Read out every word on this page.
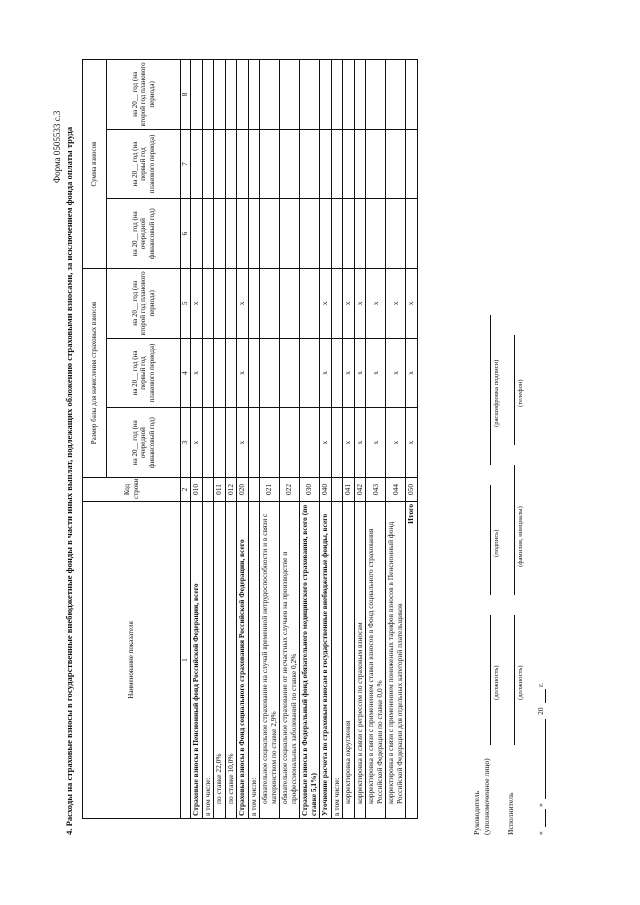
Форма 0505533 с.3 4. Расходы на страховые взносы в государственные внебюджетные фонды в части иных выплат, подлежащих обложению страховыми взносами, за исключением фонда оплаты труда	Наименование показателя	Код строки	Размер базы для начисления страховых взносов			Сумма взносов		
		на 20__ год (на очередной финансовый год)	на 20__ год (на первый год планового периода)	на 20__ год (на второй год планового периода)	на 20__ год (на очередной финансовый год)	на 20__ год (на первый год планового периода)	на 20__ год (на второй год планового периода)
1	2	3	4	5	6	7	8
Страховые взносы в Пенсионный фонд Российской Федерации, всего	010	x	x	x			
в том числе:							
по ставке 22,0%	011						
по ставке 10,0%	012						
Страховые взносы в Фонд социального страхования Российской Федерации, всего	020	x	x	x			
в том числе:							
обязательное социальное страхование на случай временной нетрудоспособности и в связи с материнством по ставке 2,9%	021						
обязательное социальное страхование от несчастных случаев на производстве и профессиональных заболеваний по ставке 0,2%	022						
Страховые взносы в Федеральный фонд обязательного медицинского страхования, всего (по ставке 5,1%)	030						
Уточнение расчета по страховым взносам в государственные внебюджетные фонды, всего	040	x	x	x			
в том числе:							
корректировка округления	041	x	x	x			
корректировка в связи с регрессом по страховым взносам	042	x	x	x			
корректировка в связи с применением ставки взносов в Фонд социального страхования Российской Федерации по ставке 0,0 %	043	x	x	x			
корректировка в связи с применением пониженных тарифов взносов в Пенсионный фонд Российской Федерации для отдельных категорий плательщиков	044	x	x	x			
Итого	050	x	x	x			
Руководитель (уполномоченное лицо)
(должность)
(подпись)
(расшифровка подписи)
Исполнитель
(должность)
(фамилия, инициалы)
(телефон)
«
»
20
г.
